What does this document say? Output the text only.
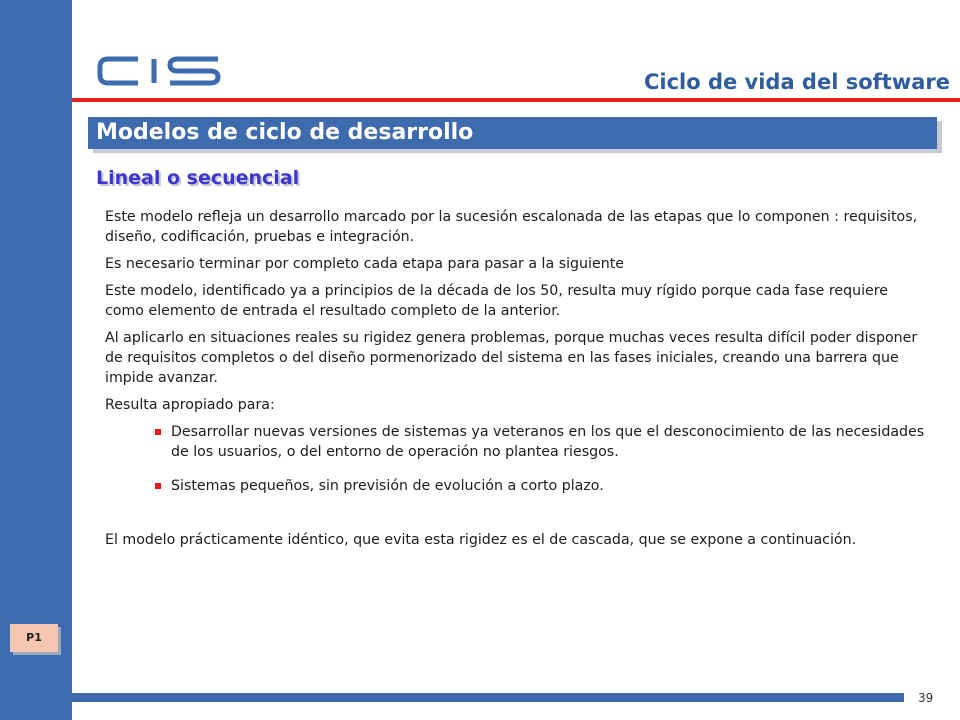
Ciclo de vida del software
Modelos de ciclo de desarrollo
Lineal o secuencial

Este modelo refleja un desarrollo marcado por la sucesión escalonada de las etapas que lo componen : requisitos, diseño, codificación, pruebas e integración.

Es necesario terminar por completo cada etapa para pasar a la siguiente

Este modelo, identificado ya a principios de la década de los 50, resulta muy rígido porque cada fase requiere como elemento de entrada el resultado completo de la anterior.

Al aplicarlo en situaciones reales su rigidez genera problemas, porque muchas veces resulta difícil poder disponer de requisitos completos o del diseño pormenorizado del sistema en las fases iniciales, creando una barrera que impide avanzar.

Resulta apropiado para:

Desarrollar nuevas versiones de sistemas ya veteranos en los que el desconocimiento de las necesidades de los usuarios, o del entorno de operación no plantea riesgos.
Sistemas pequeños, sin previsión de evolución a corto plazo.

El modelo prácticamente idéntico, que evita esta rigidez es el de cascada, que se expone a continuación.

P1
39
